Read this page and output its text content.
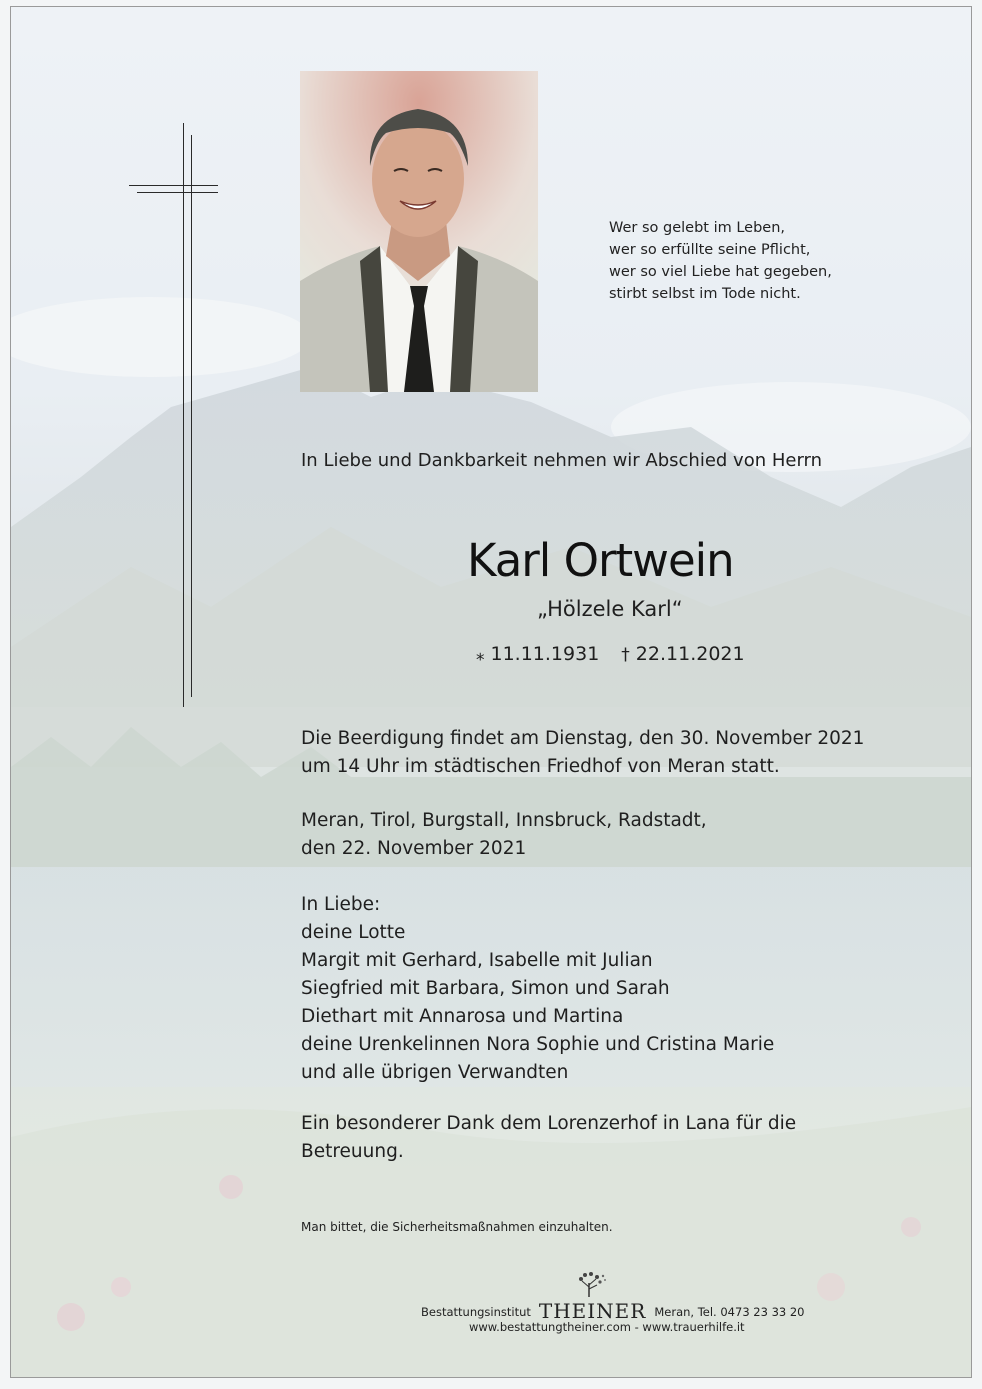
Wer so gelebt im Leben,
wer so erfüllte seine Pflicht,
wer so viel Liebe hat gegeben,
stirbt selbst im Tode nicht.
In Liebe und Dankbarkeit nehmen wir Abschied von Herrn
Karl Ortwein
„Hölzele Karl“
⁎ 11.11.1931 † 22.11.2021
Die Beerdigung findet am Dienstag, den 30. November 2021
um 14 Uhr im städtischen Friedhof von Meran statt.
Meran, Tirol, Burgstall, Innsbruck, Radstadt,
den 22. November 2021
In Liebe:
deine Lotte
Margit mit Gerhard, Isabelle mit Julian
Siegfried mit Barbara, Simon und Sarah
Diethart mit Annarosa und Martina
deine Urenkelinnen Nora Sophie und Cristina Marie
und alle übrigen Verwandten
Ein besonderer Dank dem Lorenzerhof in Lana für die
Betreuung.
Man bittet, die Sicherheitsmaßnahmen einzuhalten.
Bestattungsinstitut THEINER Meran, Tel. 0473 23 33 20
www.bestattungtheiner.com - www.trauerhilfe.it
